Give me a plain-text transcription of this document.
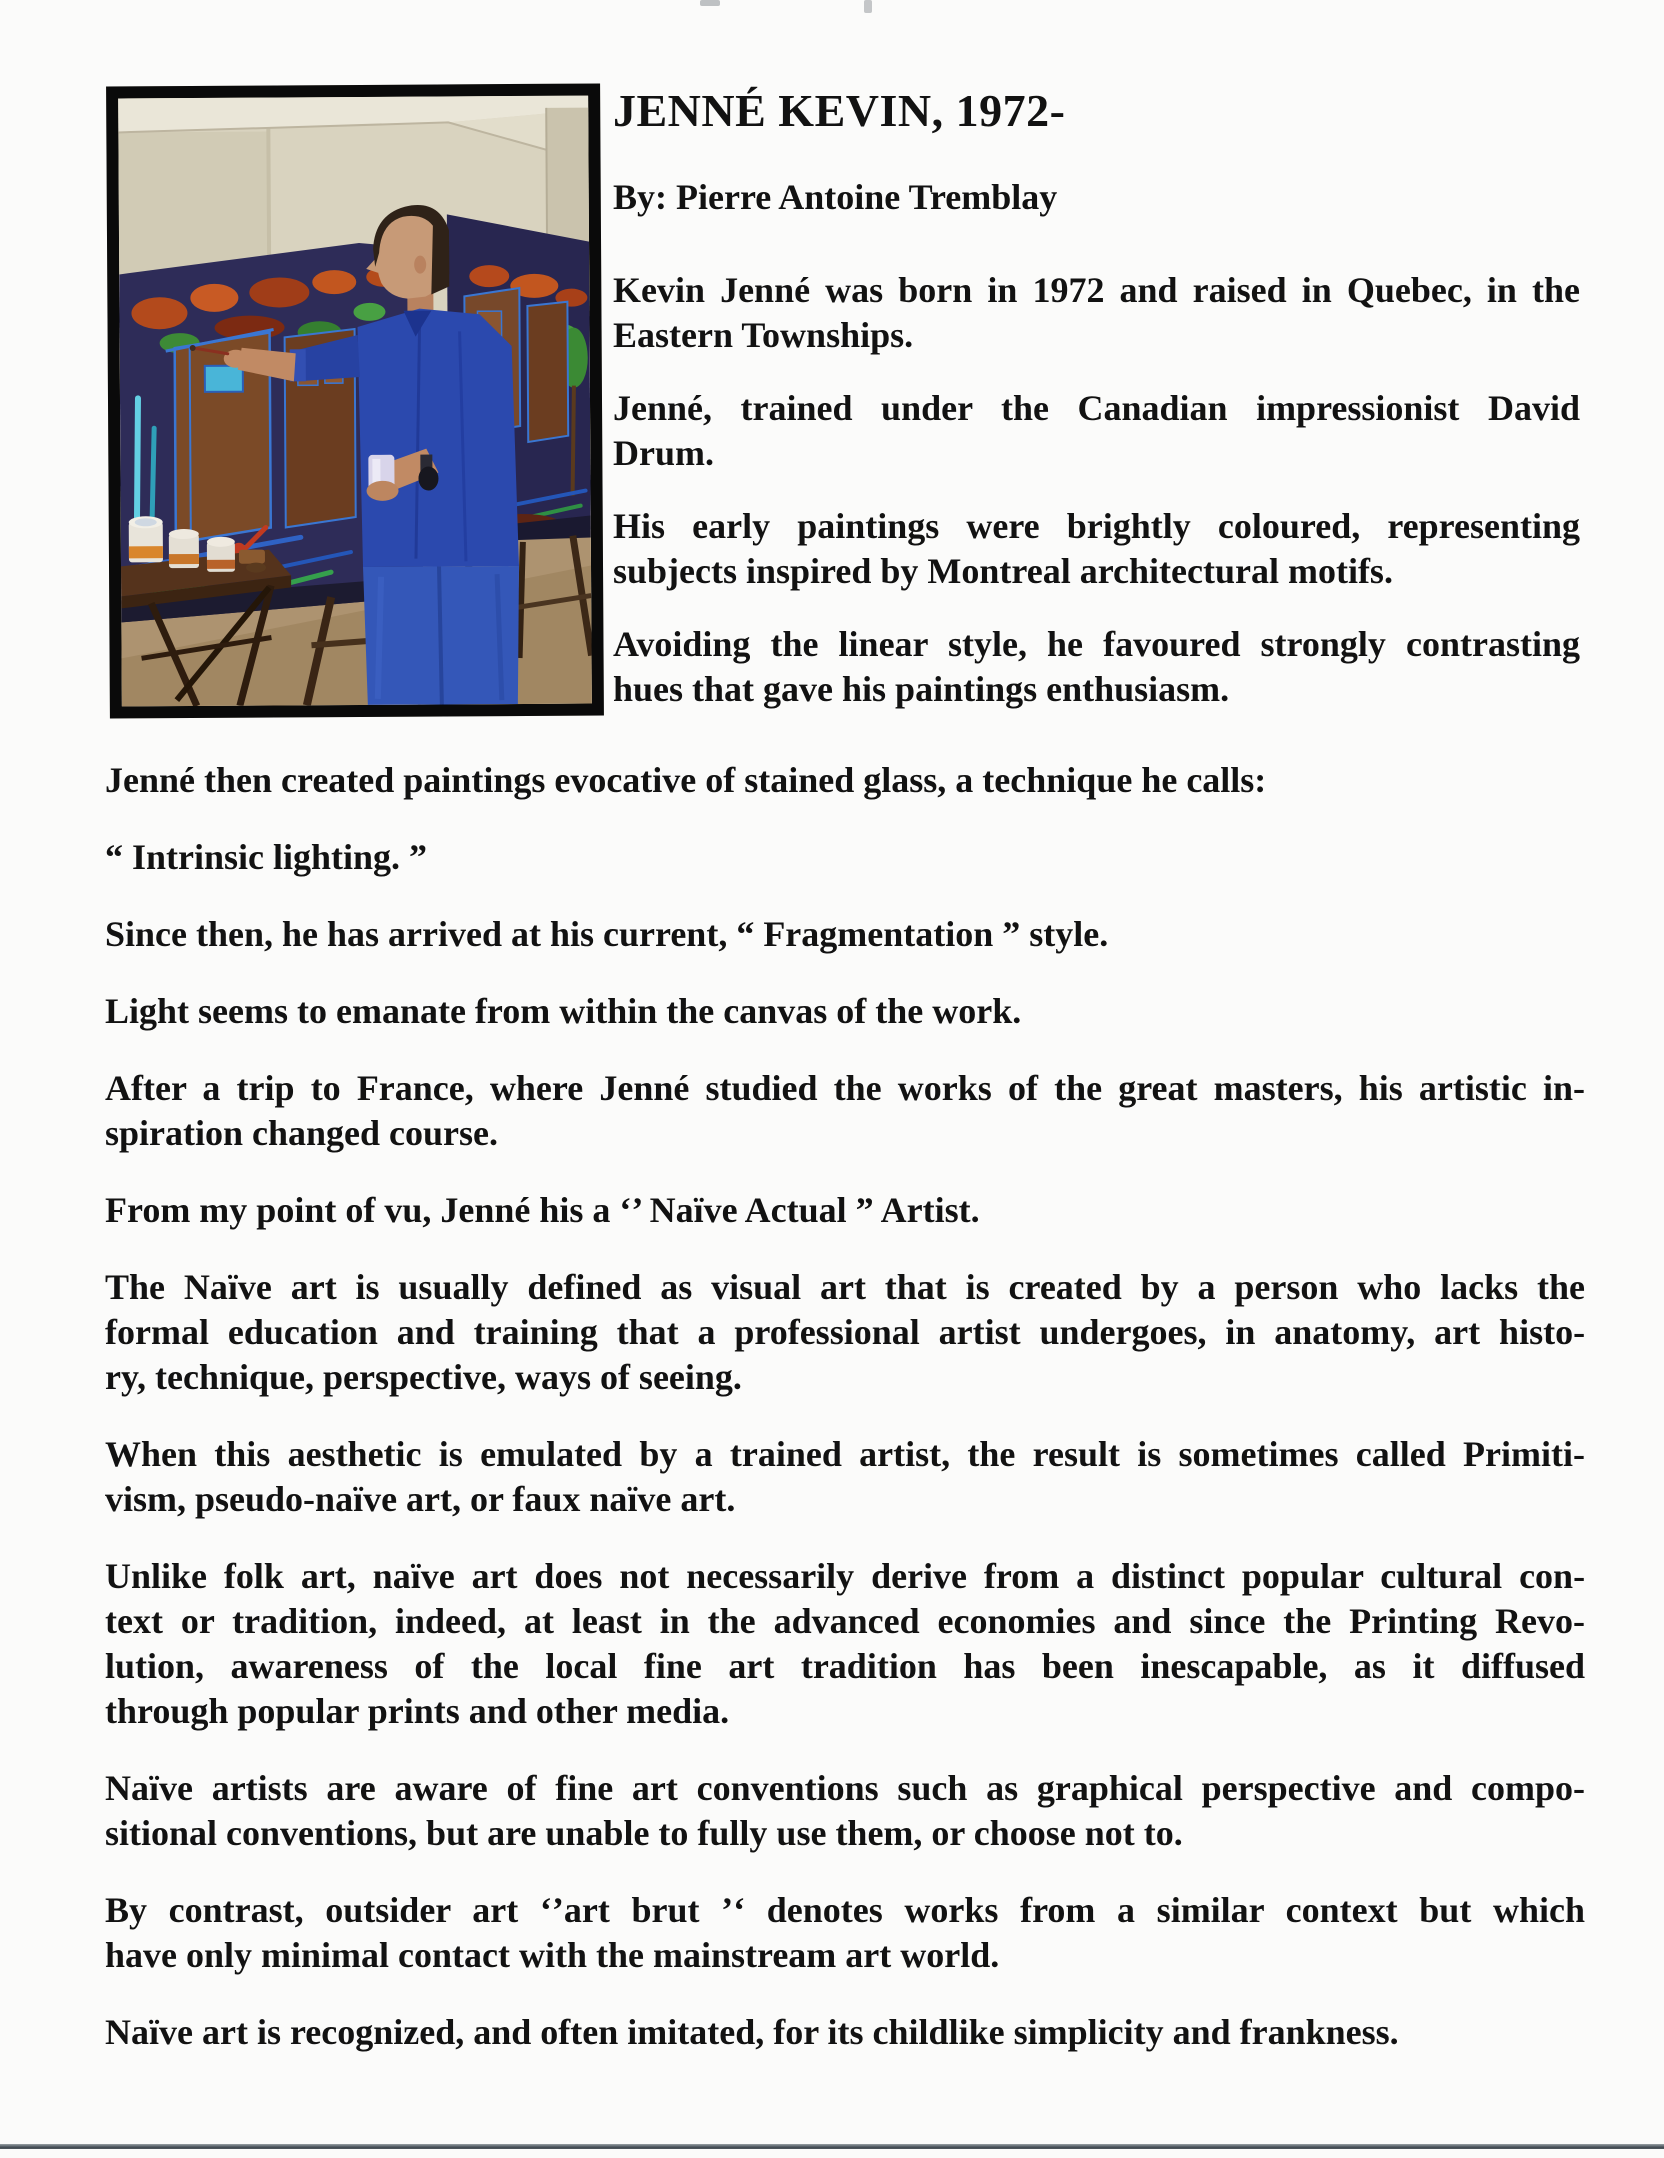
JENNÉ KEVIN, 1972-
By: Pierre Antoine Tremblay
Kevin Jenné was born in 1972 and raised in Quebec, in the
Eastern Townships.
Jenné, trained under the Canadian impressionist David
Drum.
His early paintings were brightly coloured, representing
subjects inspired by Montreal architectural motifs.
Avoiding the linear style, he favoured strongly contrasting
hues that gave his paintings enthusiasm.
Jenné then created paintings evocative of stained glass, a technique he calls:
“ Intrinsic lighting. ”
Since then, he has arrived at his current, “ Fragmentation ” style.
Light seems to emanate from within the canvas of the work.
After a trip to France, where Jenné studied the works of the great masters, his artistic in-
spiration changed course.
From my point of vu, Jenné his a ‘’ Naïve Actual ” Artist.
The Naïve art is usually defined as visual art that is created by a person who lacks the
formal education and training that a professional artist undergoes, in anatomy, art histo-
ry, technique, perspective, ways of seeing.
When this aesthetic is emulated by a trained artist, the result is sometimes called Primiti-
vism, pseudo-naïve art, or faux naïve art.
Unlike folk art, naïve art does not necessarily derive from a distinct popular cultural con-
text or tradition, indeed, at least in the advanced economies and since the Printing Revo-
lution, awareness of the local fine art tradition has been inescapable, as it diffused
through popular prints and other media.
Naïve artists are aware of fine art conventions such as graphical perspective and compo-
sitional conventions, but are unable to fully use them, or choose not to.
By contrast, outsider art ‘’art brut ’‘ denotes works from a similar context but which
have only minimal contact with the mainstream art world.
Naïve art is recognized, and often imitated, for its childlike simplicity and frankness.
